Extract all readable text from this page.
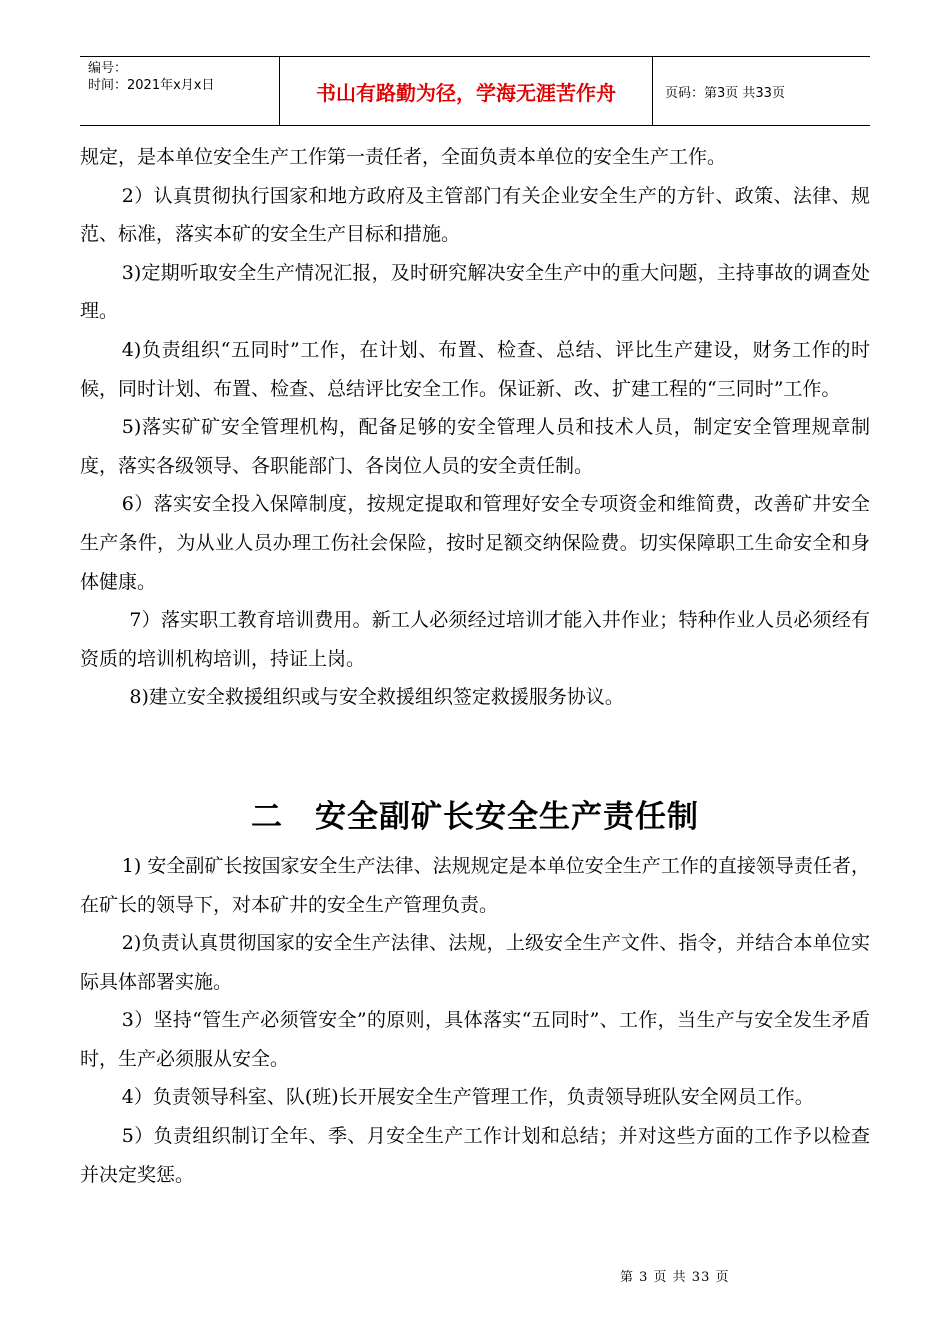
编号：
时间：2021年x月x日	书山有路勤为径，学海无涯苦作舟	页码：第3页 共33页

规定，是本单位安全生产工作第一责任者，全面负责本单位的安全生产工作。

2）认真贯彻执行国家和地方政府及主管部门有关企业安全生产的方针、政策、法律、规范、标准，落实本矿的安全生产目标和措施。

3)定期听取安全生产情况汇报，及时研究解决安全生产中的重大问题，主持事故的调查处理。

4)负责组织“五同时”工作，在计划、布置、检查、总结、评比生产建设，财务工作的时候，同时计划、布置、检查、总结评比安全工作。保证新、改、扩建工程的“三同时”工作。

5)落实矿矿安全管理机构，配备足够的安全管理人员和技术人员，制定安全管理规章制度，落实各级领导、各职能部门、各岗位人员的安全责任制。

6）落实安全投入保障制度，按规定提取和管理好安全专项资金和维简费，改善矿井安全生产条件，为从业人员办理工伤社会保险，按时足额交纳保险费。切实保障职工生命安全和身体健康。

7）落实职工教育培训费用。新工人必须经过培训才能入井作业；特种作业人员必须经有资质的培训机构培训，持证上岗。

8)建立安全救援组织或与安全救援组织签定救援服务协议。

二　安全副矿长安全生产责任制

1) 安全副矿长按国家安全生产法律、法规规定是本单位安全生产工作的直接领导责任者，在矿长的领导下，对本矿井的安全生产管理负责。

2)负责认真贯彻国家的安全生产法律、法规，上级安全生产文件、指令，并结合本单位实际具体部署实施。

3）坚持“管生产必须管安全”的原则，具体落实“五同时”、工作，当生产与安全发生矛盾时，生产必须服从安全。

4）负责领导科室、队(班)长开展安全生产管理工作，负责领导班队安全网员工作。

5）负责组织制订全年、季、月安全生产工作计划和总结；并对这些方面的工作予以检查并决定奖惩。

第 3 页 共 33 页
